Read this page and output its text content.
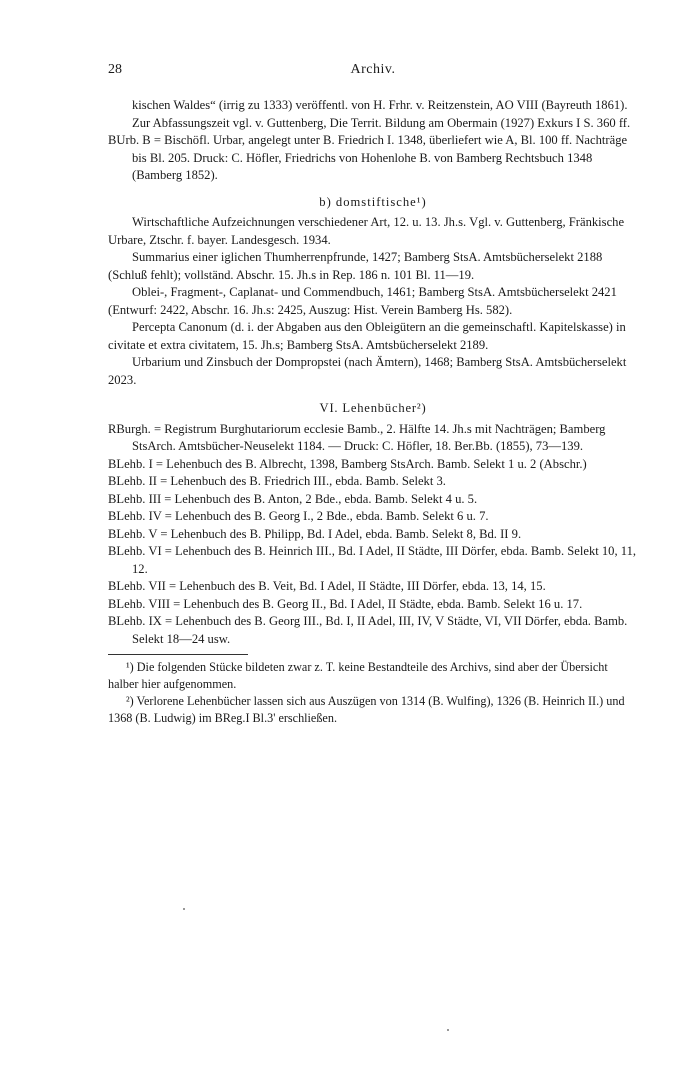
28	Archiv.
kischen Waldes“ (irrig zu 1333) veröffentl. von H. Frhr. v. Reitzenstein, AO VIII (Bayreuth 1861). Zur Abfassungszeit vgl. v. Guttenberg, Die Territ. Bildung am Obermain (1927) Exkurs I S. 360 ff.
BUrb. B = Bischöfl. Urbar, angelegt unter B. Friedrich I. 1348, überliefert wie A, Bl. 100 ff. Nachträge bis Bl. 205. Druck: C. Höfler, Friedrichs von Hohenlohe B. von Bamberg Rechtsbuch 1348 (Bamberg 1852).
b) domstiftische¹)
Wirtschaftliche Aufzeichnungen verschiedener Art, 12. u. 13. Jh.s. Vgl. v. Guttenberg, Fränkische Urbare, Ztschr. f. bayer. Landesgesch. 1934.
Summarius einer iglichen Thumherrenpfrunde, 1427; Bamberg StsA. Amtsbücherselekt 2188 (Schluß fehlt); vollständ. Abschr. 15. Jh.s in Rep. 186 n. 101 Bl. 11—19.
Oblei-, Fragment-, Caplanat- und Commendbuch, 1461; Bamberg StsA. Amtsbücherselekt 2421 (Entwurf: 2422, Abschr. 16. Jh.s: 2425, Auszug: Hist. Verein Bamberg Hs. 582).
Percepta Canonum (d. i. der Abgaben aus den Obleigütern an die gemeinschaftl. Kapitelskasse) in civitate et extra civitatem, 15. Jh.s; Bamberg StsA. Amtsbücherselekt 2189.
Urbarium und Zinsbuch der Dompropstei (nach Ämtern), 1468; Bamberg StsA. Amtsbücherselekt 2023.
VI. Lehenbücher²)
RBurgh. = Registrum Burghutariorum ecclesie Bamb., 2. Hälfte 14. Jh.s mit Nachträgen; Bamberg StsArch. Amtsbücher-Neuselekt 1184. — Druck: C. Höfler, 18. Ber.Bb. (1855), 73—139.
BLehb. I = Lehenbuch des B. Albrecht, 1398, Bamberg StsArch. Bamb. Selekt 1 u. 2 (Abschr.)
BLehb. II = Lehenbuch des B. Friedrich III., ebda. Bamb. Selekt 3.
BLehb. III = Lehenbuch des B. Anton, 2 Bde., ebda. Bamb. Selekt 4 u. 5.
BLehb. IV = Lehenbuch des B. Georg I., 2 Bde., ebda. Bamb. Selekt 6 u. 7.
BLehb. V = Lehenbuch des B. Philipp, Bd. I Adel, ebda. Bamb. Selekt 8, Bd. II 9.
BLehb. VI = Lehenbuch des B. Heinrich III., Bd. I Adel, II Städte, III Dörfer, ebda. Bamb. Selekt 10, 11, 12.
BLehb. VII = Lehenbuch des B. Veit, Bd. I Adel, II Städte, III Dörfer, ebda. 13, 14, 15.
BLehb. VIII = Lehenbuch des B. Georg II., Bd. I Adel, II Städte, ebda. Bamb. Selekt 16 u. 17.
BLehb. IX = Lehenbuch des B. Georg III., Bd. I, II Adel, III, IV, V Städte, VI, VII Dörfer, ebda. Bamb. Selekt 18—24 usw.
¹) Die folgenden Stücke bildeten zwar z. T. keine Bestandteile des Archivs, sind aber der Übersicht halber hier aufgenommen.
²) Verlorene Lehenbücher lassen sich aus Auszügen von 1314 (B. Wulfing), 1326 (B. Heinrich II.) und 1368 (B. Ludwig) im BReg.I Bl.3' erschließen.
